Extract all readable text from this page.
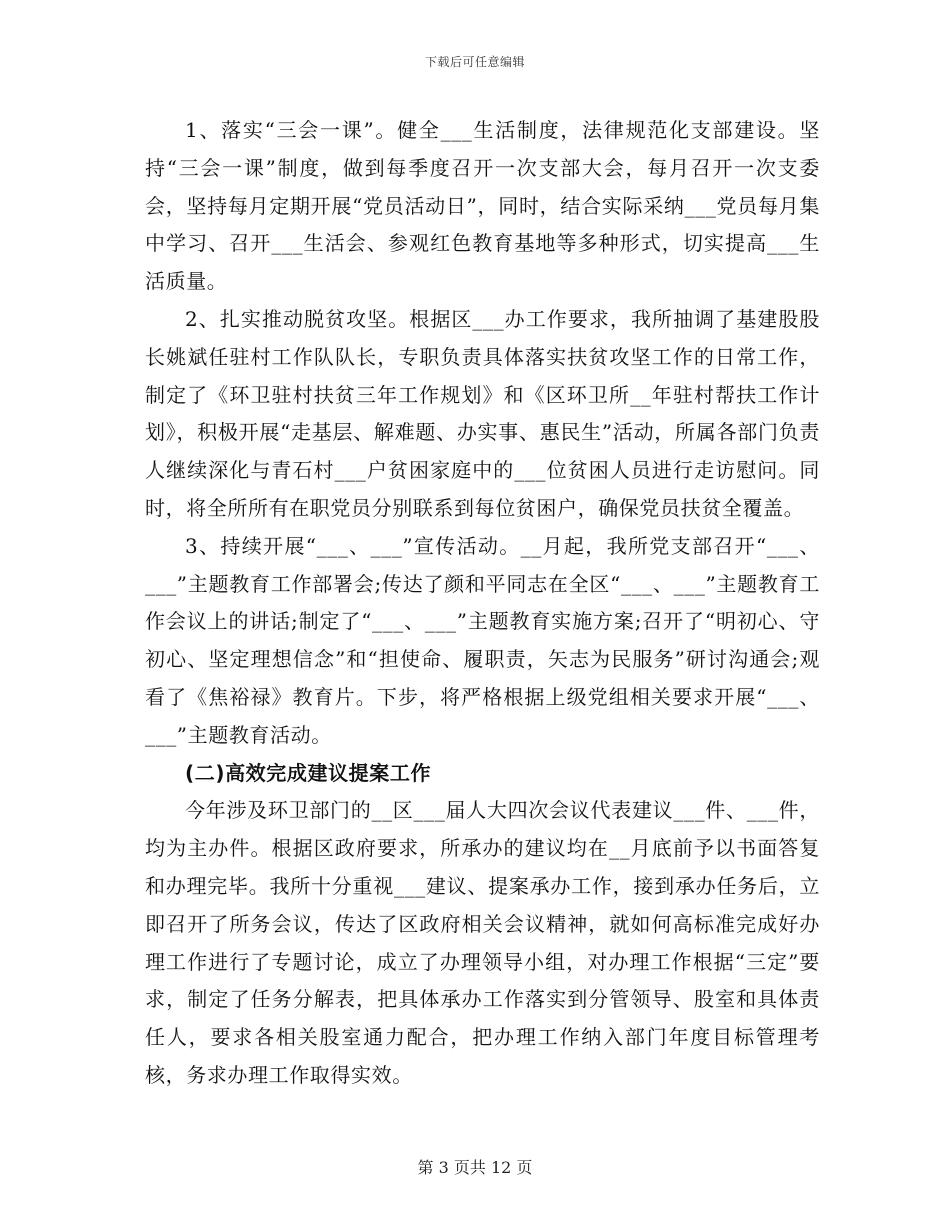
下载后可任意编辑

1、落实“三会一课”。健全___生活制度，法律规范化支部建设。坚持“三会一课”制度，做到每季度召开一次支部大会，每月召开一次支委会，坚持每月定期开展“党员活动日”，同时，结合实际采纳___党员每月集中学习、召开___生活会、参观红色教育基地等多种形式，切实提高___生活质量。

2、扎实推动脱贫攻坚。根据区___办工作要求，我所抽调了基建股股长姚斌任驻村工作队队长，专职负责具体落实扶贫攻坚工作的日常工作，制定了《环卫驻村扶贫三年工作规划》和《区环卫所__年驻村帮扶工作计划》，积极开展“走基层、解难题、办实事、惠民生”活动，所属各部门负责人继续深化与青石村___户贫困家庭中的___位贫困人员进行走访慰问。同时，将全所所有在职党员分别联系到每位贫困户，确保党员扶贫全覆盖。

3、持续开展“___、___”宣传活动。__月起，我所党支部召开“___、___”主题教育工作部署会;传达了颜和平同志在全区“___、___”主题教育工作会议上的讲话;制定了“___、___”主题教育实施方案;召开了“明初心、守初心、坚定理想信念”和“担使命、履职责，矢志为民服务”研讨沟通会;观看了《焦裕禄》教育片。下步，将严格根据上级党组相关要求开展“___、___”主题教育活动。

(二)高效完成建议提案工作

今年涉及环卫部门的__区___届人大四次会议代表建议___件、___件，均为主办件。根据区政府要求，所承办的建议均在__月底前予以书面答复和办理完毕。我所十分重视___建议、提案承办工作，接到承办任务后，立即召开了所务会议，传达了区政府相关会议精神，就如何高标准完成好办理工作进行了专题讨论，成立了办理领导小组，对办理工作根据“三定”要求，制定了任务分解表，把具体承办工作落实到分管领导、股室和具体责任人，要求各相关股室通力配合，把办理工作纳入部门年度目标管理考核，务求办理工作取得实效。

第 3 页共 12 页
